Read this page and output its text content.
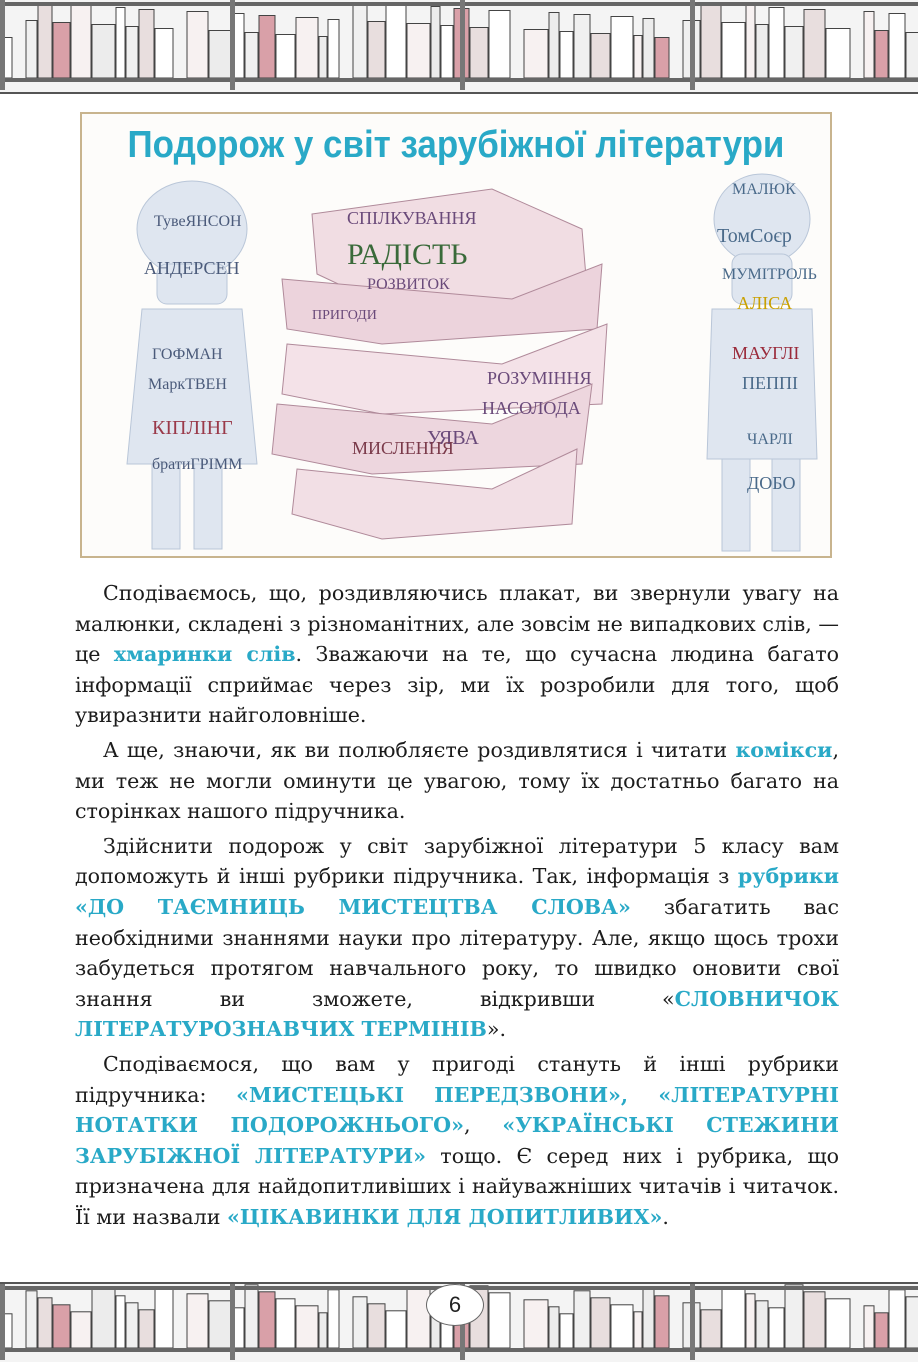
Подорож у світ зарубіжної літератури
ТувеЯНСОН
АНДЕРСЕН
ГОФМАН
МаркТВЕН
КІПЛІНГ
братиГРІММ
СПІЛКУВАННЯ
РАДІСТЬ
РОЗВИТОК
РОЗУМІННЯ
НАСОЛОДА
УЯВА
МИСЛЕННЯ
ПРИГОДИ
МАЛЮК
ТомСоєр
МУМІТРОЛЬ
АЛІСА
МАУГЛІ
ПЕППІ
ЧАРЛІ
ДОБО

Сподіваємось, що, роздивляючись плакат, ви звернули увагу на малюнки, складені з різноманітних, але зовсім не випадкових слів, — це хмаринки слів. Зважаючи на те, що сучасна людина багато інформації сприймає через зір, ми їх розробили для того, щоб увиразнити найголовніше.

А ще, знаючи, як ви полюбляєте роздивлятися і читати комікси, ми теж не могли оминути це увагою, тому їх достатньо багато на сторінках нашого підручника.

Здійснити подорож у світ зарубіжної літератури 5 класу вам допоможуть й інші рубрики підручника. Так, інформація з рубрики «ДО ТАЄМНИЦЬ МИСТЕЦТВА СЛОВА» збагатить вас необхідними знаннями науки про літературу. Але, якщо щось трохи забудеться протягом навчального року, то швидко оновити свої знання ви зможете, відкривши «СЛОВНИЧОК ЛІТЕРАТУРОЗНАВЧИХ ТЕРМІНІВ».

Сподіваємося, що вам у пригоді стануть й інші рубрики підручника: «МИСТЕЦЬКІ ПЕРЕДЗВОНИ», «ЛІТЕРАТУРНІ НОТАТКИ ПОДОРОЖНЬОГО», «УКРАЇНСЬКІ СТЕЖИНИ ЗАРУБІЖНОЇ ЛІТЕРАТУРИ» тощо. Є серед них і рубрика, що призначена для найдопитливіших і найуважніших читачів і читачок. Її ми назвали «ЦІКАВИНКИ ДЛЯ ДОПИТЛИВИХ».

6
